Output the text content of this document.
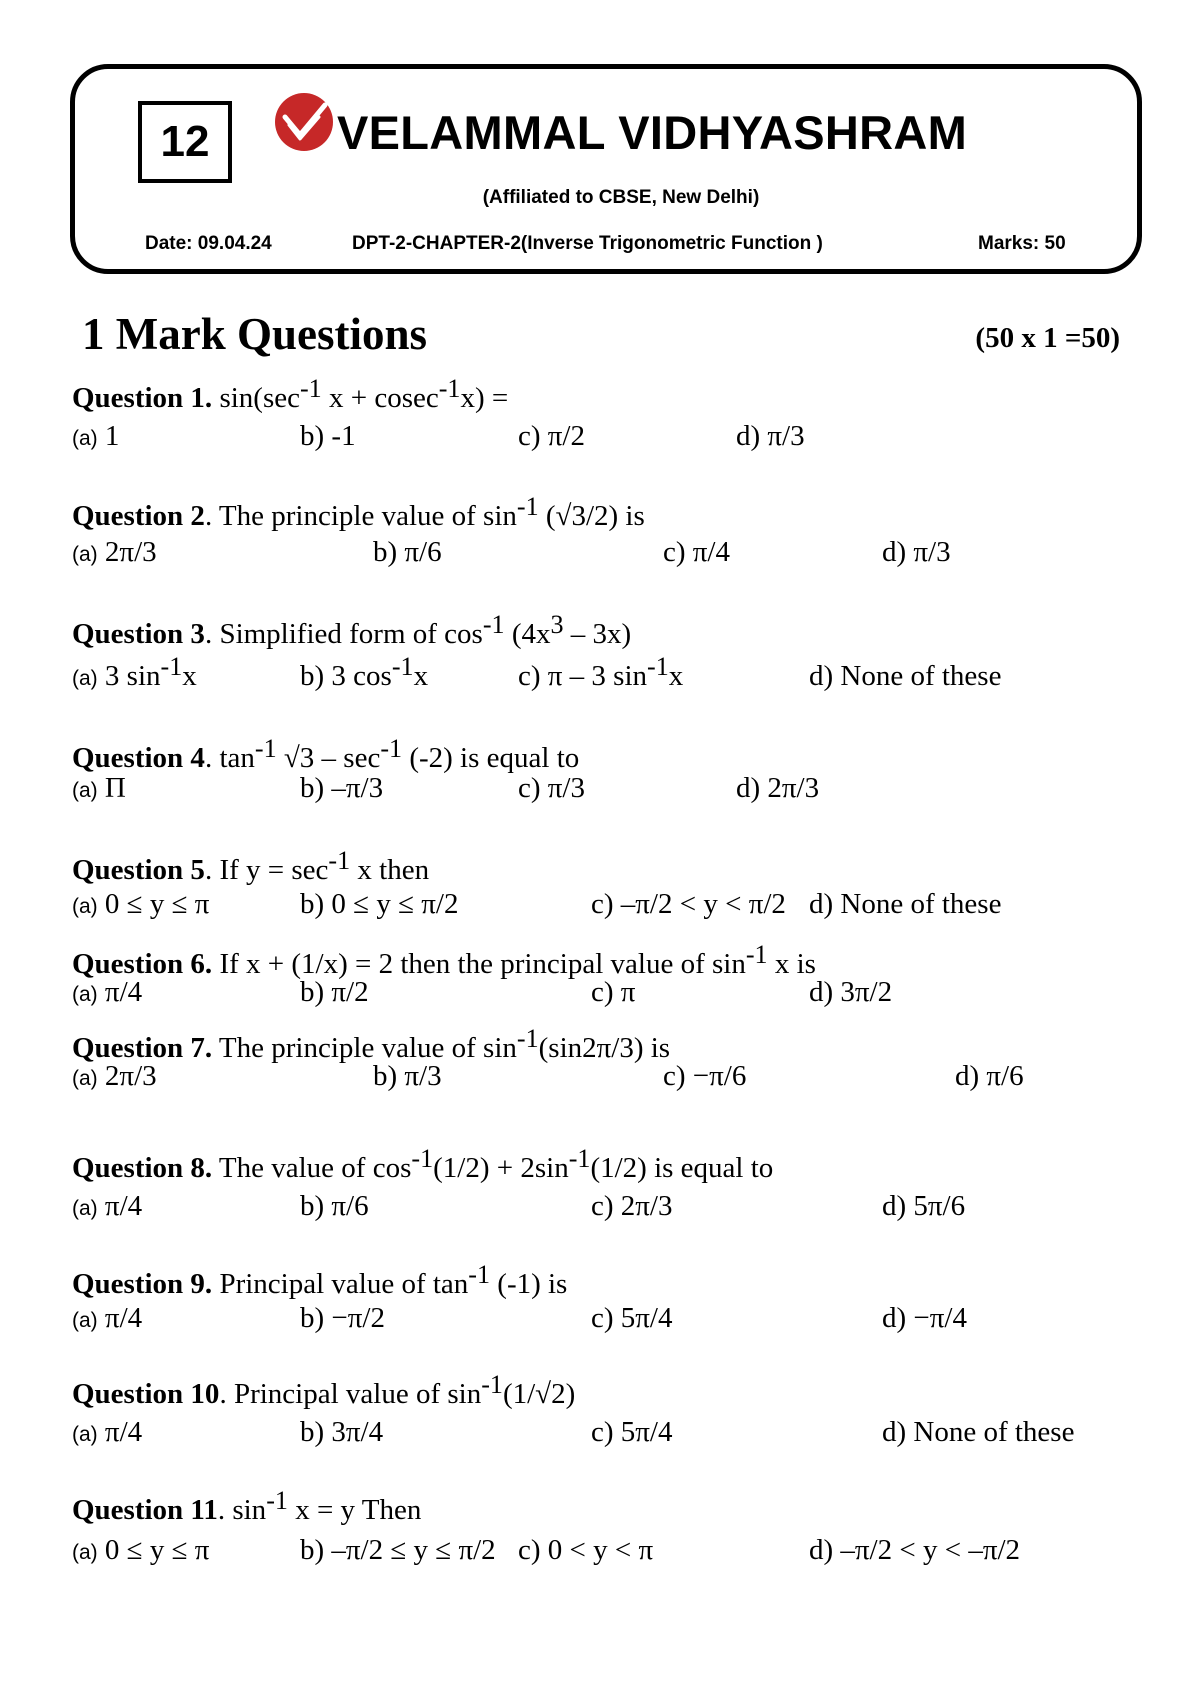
12	VELAMMAL VIDHYASHRAM
(Affiliated to CBSE, New Delhi)
Date: 09.04.24	DPT-2-CHAPTER-2(Inverse Trigonometric Function )	Marks: 50
1 Mark Questions	(50 x 1 =50)
Question 1. $\sin(\sec^{-1}$ x + cosec$^{-1}$x) =
(a) 1	b) -1	c) π/2	d) π/3
Question 2. The principle value of $\sin^{-1} (√3/2)$ is
(a) 2π/3	b) π/6	c) π/4	d) π/3
Question 3. Simplified form of $\cos^{-1} (4x^3 - 3x)$
(a) 3 $\sin^{-1}x$	b) 3 $\cos^{-1}x$	c) π – 3 $\sin^{-1}x$	d) None of these
Question 4. $\tan^{-1} √3 - \sec^{-1} (-2)$ is equal to
(a) Π	b) –π/3	c) π/3	d) 2π/3
Question 5. If $y = \sec^{-1} x$ then
(a) 0 ≤ y ≤ π	b) 0 ≤ y ≤ π/2	c) –π/2 < y < π/2 d) None of these
Question 6. If x + (1/x) = 2 then the principal value of $\sin^{-1} x$ is
(a) π/4	b) π/2	c) π	d) 3π/2
Question 7. The principle value of $\sin^{-1}(\sin 2\pi/3)$ is
(a) 2π/3	b) π/3	c) −π/6	d) π/6
Question 8. The value of $\cos^{-1}(1/2) + 2\sin^{-1}(1/2)$ is equal to
(a) π/4	b) π/6	c) 2π/3	d) 5π/6
Question 9. Principal value of $\tan^{-1} (-1)$ is
(a) π/4	b) −π/2	c) 5π/4	d) −π/4
Question 10. Principal value of $\sin^{-1}(1/√2)$
(a) π/4	b) 3π/4	c) 5π/4	d) None of these
Question 11. $\sin^{-1} x = y$ Then
(a) 0 ≤ y ≤ π	b) –π/2 ≤ y ≤ π/2 c) 0 < y < π	d) –π/2 < y < –π/2
